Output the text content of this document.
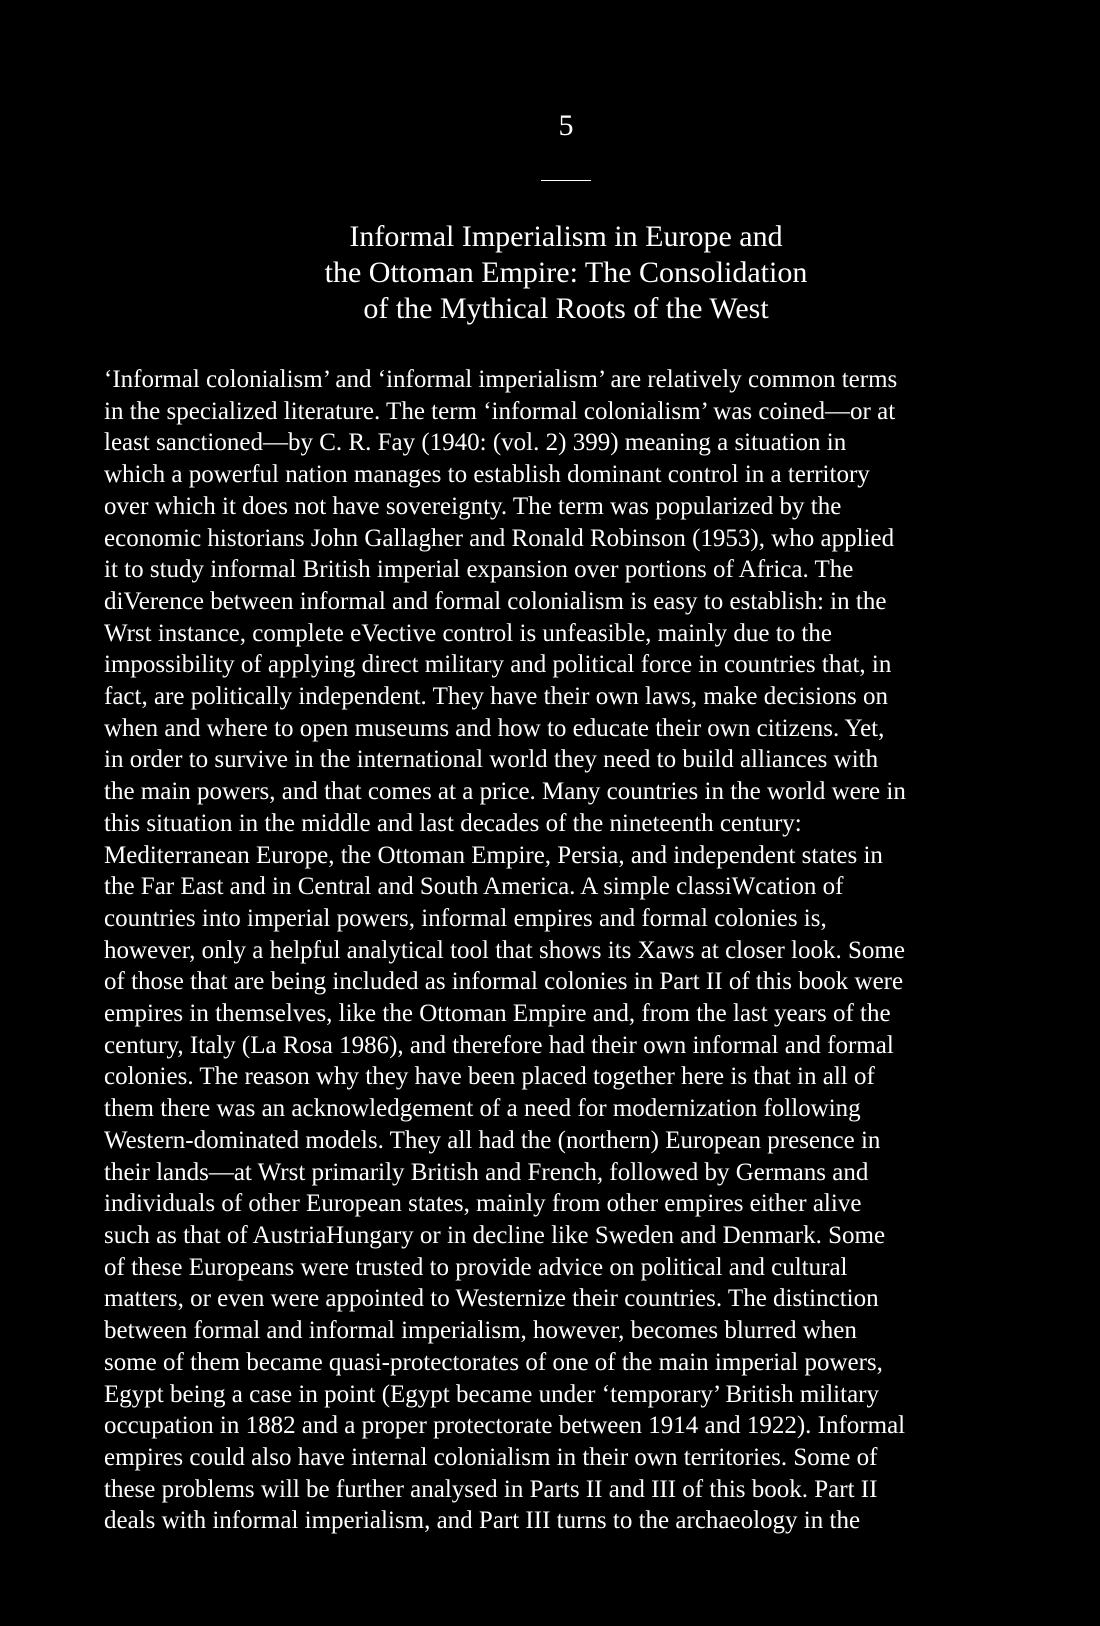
5
Informal Imperialism in Europe and
the Ottoman Empire: The Consolidation
of the Mythical Roots of the West

‘Informal colonialism’ and ‘informal imperialism’ are relatively common terms
in the specialized literature. The term ‘informal colonialism’ was coined—or at
least sanctioned—by C. R. Fay (1940: (vol. 2) 399) meaning a situation in
which a powerful nation manages to establish dominant control in a territory
over which it does not have sovereignty. The term was popularized by the
economic historians John Gallagher and Ronald Robinson (1953), who applied
it to study informal British imperial expansion over portions of Africa. The
diVerence between informal and formal colonialism is easy to establish: in the
Wrst instance, complete eVective control is unfeasible, mainly due to the
impossibility of applying direct military and political force in countries that, in
fact, are politically independent. They have their own laws, make decisions on
when and where to open museums and how to educate their own citizens. Yet,
in order to survive in the international world they need to build alliances with
the main powers, and that comes at a price. Many countries in the world were in
this situation in the middle and last decades of the nineteenth century:
Mediterranean Europe, the Ottoman Empire, Persia, and independent states in
the Far East and in Central and South America. A simple classiWcation of
countries into imperial powers, informal empires and formal colonies is,
however, only a helpful analytical tool that shows its Xaws at closer look. Some
of those that are being included as informal colonies in Part II of this book were
empires in themselves, like the Ottoman Empire and, from the last years of the
century, Italy (La Rosa 1986), and therefore had their own informal and formal
colonies. The reason why they have been placed together here is that in all of
them there was an acknowledgement of a need for modernization following
Western-dominated models. They all had the (northern) European presence in
their lands—at Wrst primarily British and French, followed by Germans and
individuals of other European states, mainly from other empires either alive
such as that of AustriaHungary or in decline like Sweden and Denmark. Some
of these Europeans were trusted to provide advice on political and cultural
matters, or even were appointed to Westernize their countries. The distinction
between formal and informal imperialism, however, becomes blurred when
some of them became quasi-protectorates of one of the main imperial powers,
Egypt being a case in point (Egypt became under ‘temporary’ British military
occupation in 1882 and a proper protectorate between 1914 and 1922). Informal
empires could also have internal colonialism in their own territories. Some of
these problems will be further analysed in Parts II and III of this book. Part II
deals with informal imperialism, and Part III turns to the archaeology in the
